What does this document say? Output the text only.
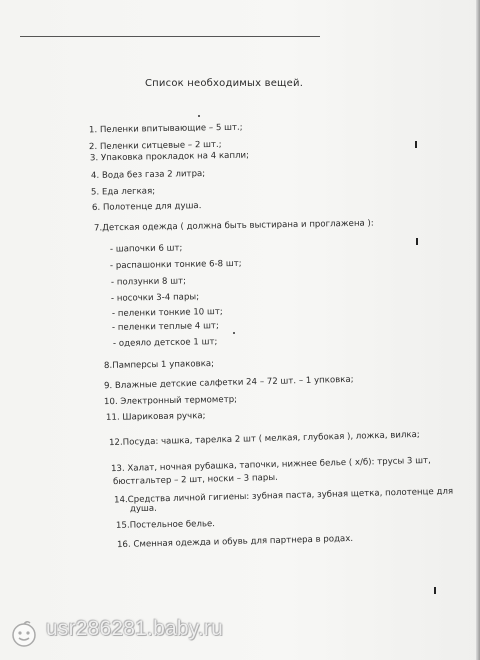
Список необходимых вещей.
1. Пеленки впитывающие – 5 шт.;
2. Пеленки ситцевые – 2 шт.;
3. Упаковка прокладок на 4 капли;
4. Вода без газа 2 литра;
5. Еда легкая;
6. Полотенце для душа.
7.Детская одежда ( должна быть выстирана и проглажена ):
- шапочки 6 шт;
- распашонки тонкие 6-8 шт;
- ползунки 8 шт;
- носочки 3-4 пары;
- пеленки тонкие 10 шт;
- пеленки теплые 4 шт;
- одеяло детское 1 шт;
8.Памперсы 1 упаковка;
9. Влажные детские салфетки 24 – 72 шт. – 1 упковка;
10. Электронный термометр;
11. Шариковая ручка;
12.Посуда: чашка, тарелка 2 шт ( мелкая, глубокая ), ложка, вилка;
13. Халат, ночная рубашка, тапочки, нижнее белье ( х/б): трусы 3 шт,
бюстгальтер – 2 шт, носки – 3 пары.
14.Средства личной гигиены: зубная паста, зубная щетка, полотенце для
душа.
15.Постельное белье.
16. Сменная одежда и обувь для партнера в родах.
usr286281.baby.ru
